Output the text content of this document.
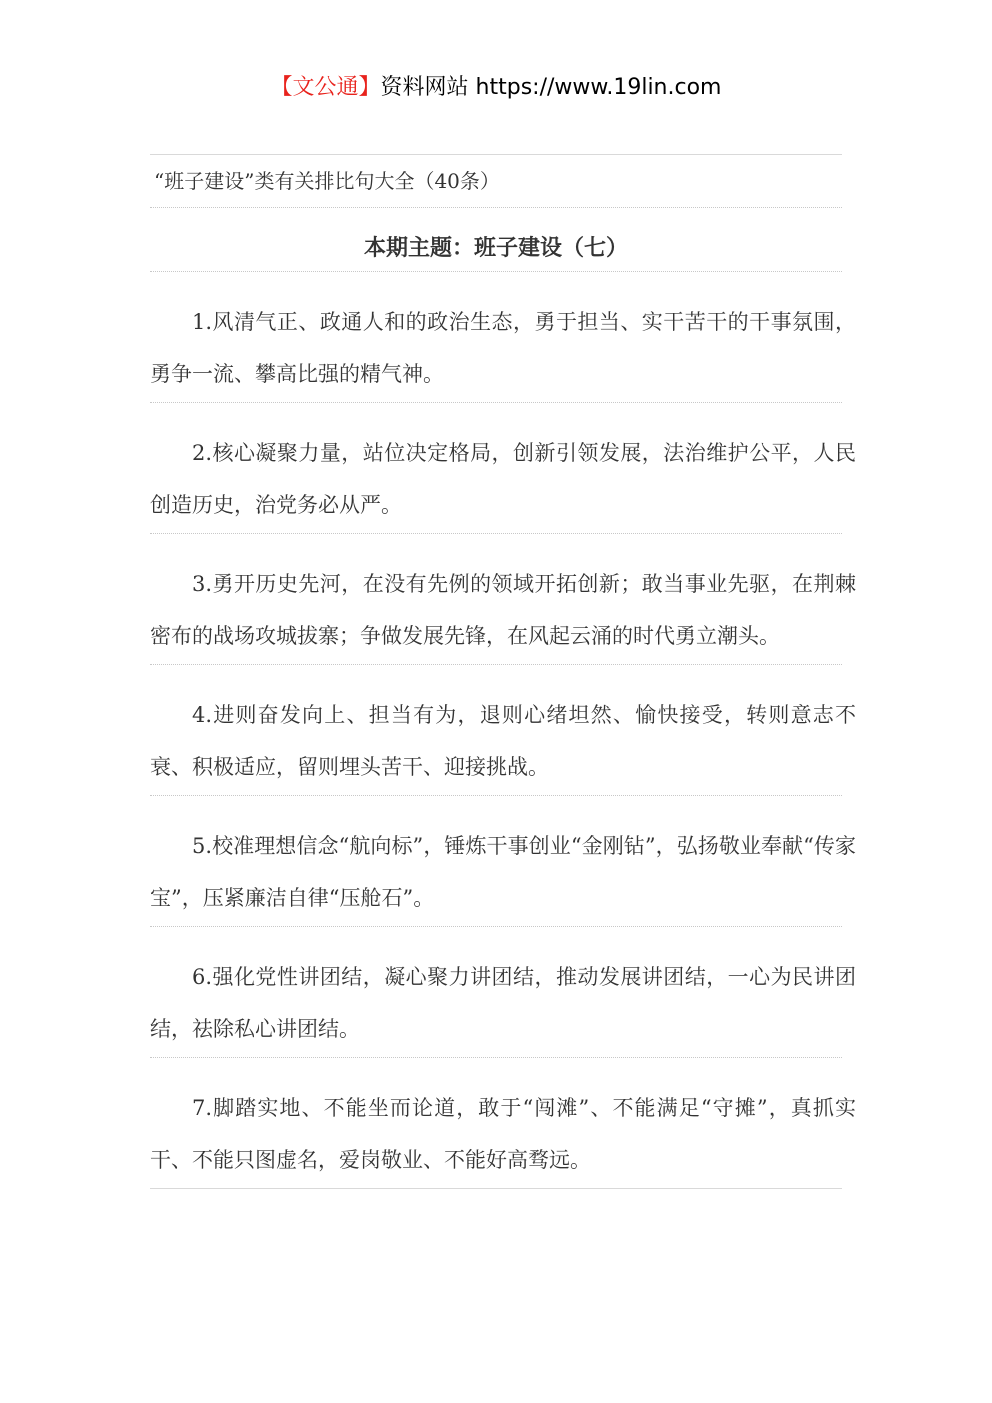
【文公通】资料网站 https://www.19lin.com
“班子建设”类有关排比句大全（40条）
本期主题：班子建设（七）
1.风清气正、政通人和的政治生态，勇于担当、实干苦干的干事氛围，勇争一流、攀高比强的精气神。
2.核心凝聚力量，站位决定格局，创新引领发展，法治维护公平，人民创造历史，治党务必从严。
3.勇开历史先河，在没有先例的领域开拓创新；敢当事业先驱，在荆棘密布的战场攻城拔寨；争做发展先锋，在风起云涌的时代勇立潮头。
4.进则奋发向上、担当有为，退则心绪坦然、愉快接受，转则意志不衰、积极适应，留则埋头苦干、迎接挑战。
5.校准理想信念“航向标”，锤炼干事创业“金刚钻”，弘扬敬业奉献“传家宝”，压紧廉洁自律“压舱石”。
6.强化党性讲团结，凝心聚力讲团结，推动发展讲团结，一心为民讲团结，祛除私心讲团结。
7.脚踏实地、不能坐而论道，敢于“闯滩”、不能满足“守摊”，真抓实干、不能只图虚名，爱岗敬业、不能好高骛远。
